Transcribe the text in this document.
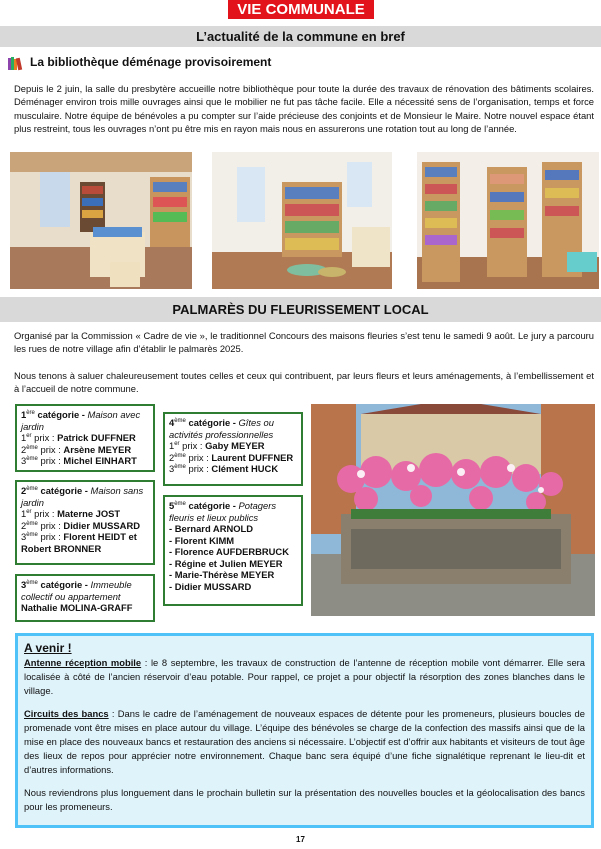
VIE COMMUNALE
L’actualité de la commune en bref
La bibliothèque déménage provisoirement
Depuis le 2 juin, la salle du presbytère accueille notre bibliothèque pour toute la durée des travaux de rénovation des bâtiments scolaires. Déménager environ trois mille ouvrages ainsi que le mobilier ne fut pas tâche facile. Elle a nécessité sens de l’organisation, temps et force musculaire. Notre équipe de bénévoles a pu compter sur l’aide précieuse des conjoints et de Monsieur le Maire. Notre nouvel espace étant plus restreint, tous les ouvrages n’ont pu être mis en rayon mais nous en assurerons une rotation tout au long de l’année.
PALMARÈS DU FLEURISSEMENT LOCAL
Organisé par la Commission « Cadre de vie », le traditionnel Concours des maisons fleuries s’est tenu le samedi 9 août. Le jury a parcouru les rues de notre village afin d’établir le palmarès 2025.
Nous tenons à saluer chaleureusement toutes celles et ceux qui contribuent, par leurs fleurs et leurs aménagements, à l’embellissement et à l’accueil de notre commune.
1ère catégorie - Maison avec jardin
1er prix : Patrick DUFFNER
2ème prix : Arsène MEYER
3ème prix : Michel EINHART
2ème catégorie - Maison sans jardin
1er prix : Materne JOST
2ème prix : Didier MUSSARD
3ème prix : Florent HEIDT et Robert BRONNER
3ème catégorie - Immeuble collectif ou appartement
Nathalie MOLINA-GRAFF
4ème catégorie - Gîtes ou activités professionnelles
1er prix : Gaby MEYER
2ème prix : Laurent DUFFNER
3ème prix : Clément HUCK
5ème catégorie - Potagers fleuris et lieux publics
- Bernard ARNOLD
- Florent KIMM
- Florence AUFDERBRUCK
- Régine et Julien MEYER
- Marie-Thérèse MEYER
- Didier MUSSARD
A venir !

Antenne réception mobile : le 8 septembre, les travaux de construction de l’antenne de réception mobile vont démarrer. Elle sera localisée à côté de l’ancien réservoir d’eau potable. Pour rappel, ce projet a pour objectif la résorption des zones blanches dans le village.

Circuits des bancs : Dans le cadre de l’aménagement de nouveaux espaces de détente pour les promeneurs, plusieurs boucles de promenade vont être mises en place autour du village. L’équipe des bénévoles se charge de la confection des massifs ainsi que de la mise en place des nouveaux bancs et restauration des anciens si nécessaire. L’objectif est d’offrir aux habitants et visiteurs de tout âge des lieux de repos pour apprécier notre environnement. Chaque banc sera équipé d’une fiche signalétique reprenant le lieu-dit et d’autres informations.

Nous reviendrons plus longuement dans le prochain bulletin sur la présentation des nouvelles boucles et la géolocalisation des bancs pour les promeneurs.

17
